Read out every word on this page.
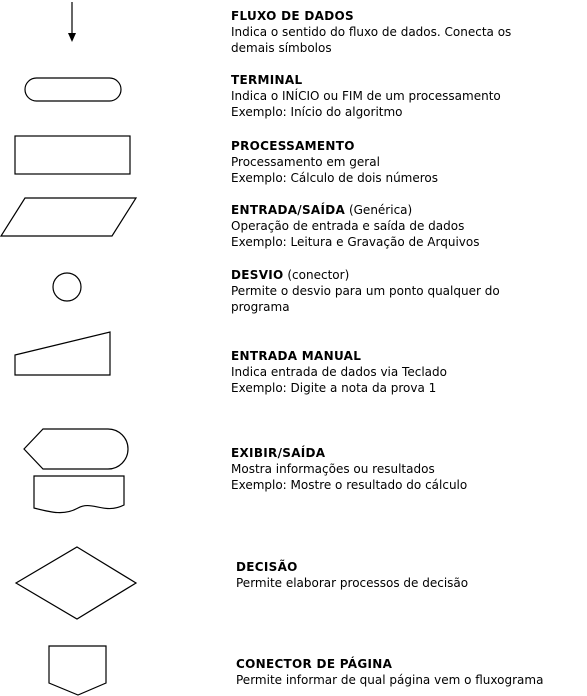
FLUXO DE DADOS
Indica o sentido do fluxo de dados. Conecta os
demais símbolos
TERMINAL
Indica o INÍCIO ou FIM de um processamento
Exemplo: Início do algoritmo
PROCESSAMENTO
Processamento em geral
Exemplo: Cálculo de dois números
ENTRADA/SAÍDA (Genérica)
Operação de entrada e saída de dados
Exemplo: Leitura e Gravação de Arquivos
DESVIO (conector)
Permite o desvio para um ponto qualquer do
programa
ENTRADA MANUAL
Indica entrada de dados via Teclado
Exemplo: Digite a nota da prova 1
EXIBIR/SAÍDA
Mostra informações ou resultados
Exemplo: Mostre o resultado do cálculo
DECISÃO
Permite elaborar processos de decisão
CONECTOR DE PÁGINA
Permite informar de qual página vem o fluxograma
